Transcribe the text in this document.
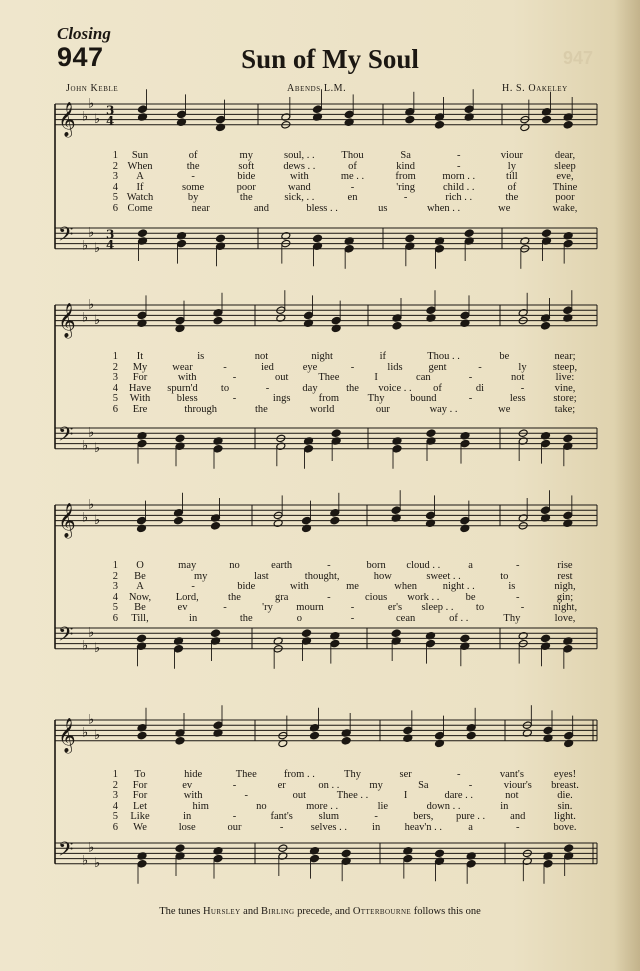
Closing
947	Sun of My Soul	947
John Keble	Abends L.M.	H. S. Oakeley
𝄞
𝄢
♭
♭
♭
♭
♭
♭
3
3
4
4
𝄞
𝄢
♭
♭
♭
♭
♭
♭
𝄞
𝄢
♭
♭
♭
♭
♭
♭
𝄞
𝄢
♭
♭
♭
♭
♭
♭
1 Sun	of	my	soul, . .	Thou	Sa	-	viour	dear,
2 When	the	soft	dews . .	of	kind	-	ly	sleep
3 A	-	bide	with	me . .	from	morn . .	till	eve,
4 If	some	poor	wand	-	'ring	child . .	of	Thine
5 Watch	by	the	sick, . .	en	-	rich . .	the	poor
6 Come	near	and	bless . .	us	when . .	we	wake,
1 It	is	not	night	if	Thou . .	be	near;
2 My wear	-	ied	eye	-	lids gent	-	ly	steep,
3 For	with	-	out	Thee	I	can	-	not	live:
4 Have spurn'd to	-	day	the voice . . of	di	-	vine,
5 With	bless	-	ings	from	Thy bound	-	less	store;
6 Ere	through	the	world	our	way . .	we	take;
1 O	may	no	earth	-	born cloud . .	a	-	rise
2 Be	my	last	thought,	how	sweet . .	to	rest
3 A	-	bide	with	me	when night . .	is	nigh,
4 Now, Lord,	the	gra	-	cious work . . be	-	gin;
5 Be	ev	-	'ry mourn	-	er's sleep . . to	-	night,
6 Till,	in	the	o	-	cean	of . .	Thy	love,
1 To	hide	Thee	from . .	Thy	ser	-	vant's	eyes!
2 For	ev	-	er	on . .	my	Sa	-	viour's breast.
3 For	with	-	out	Thee . .	I	dare . .	not	die.
4 Let	him	no	more . .	lie	down . .	in	sin.
5 Like	in	-	fant's slum	-	bers, pure . . and	light.
6 We	lose	our	-	selves . . in heav'n . . a	-	bove.
The tunes Hursley and Birling precede, and Otterbourne follows this one
